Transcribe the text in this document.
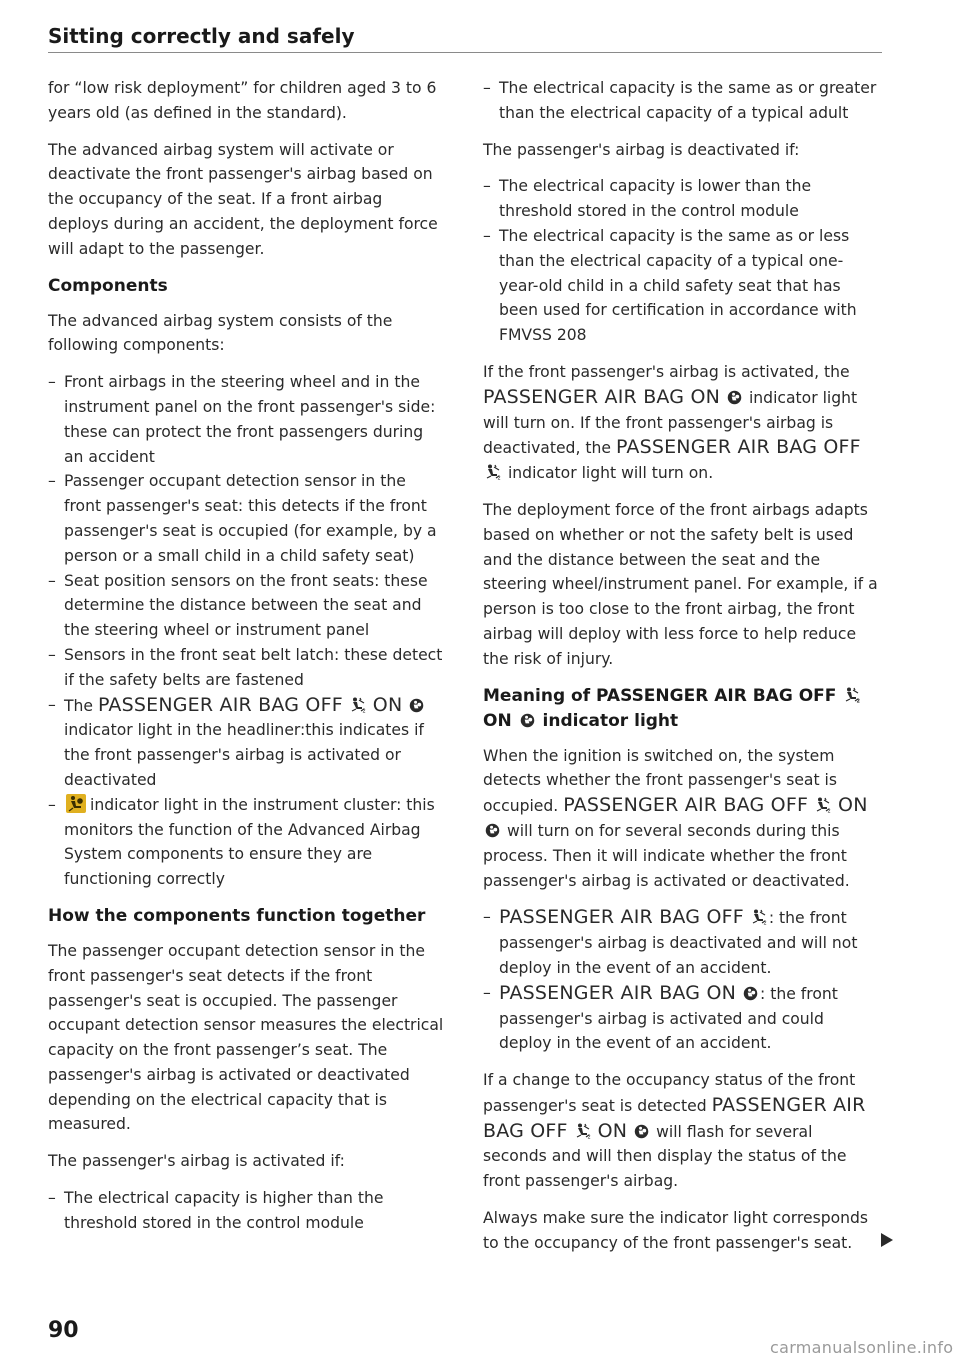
Sitting correctly and safely

for “low risk deployment” for children aged 3 to 6 years old (as defined in the standard).

The advanced airbag system will activate or deactivate the front passenger's airbag based on the occupancy of the seat. If a front airbag deploys during an accident, the deployment force will adapt to the passenger.

Components

The advanced airbag system consists of the following components:

– Front airbags in the steering wheel and in the instrument panel on the front passenger's side: these can protect the front passengers during an accident
– Passenger occupant detection sensor in the front passenger's seat: this detects if the front passenger's seat is occupied (for example, by a person or a small child in a child safety seat)
– Seat position sensors on the front seats: these determine the distance between the seat and the steering wheel or instrument panel
– Sensors in the front seat belt latch: these detect if the safety belts are fastened
– The PASSENGER AIR BAG OFF ON  indicator light in the headliner:this indicates if the front passenger's airbag is activated or deactivated
– indicator light in the instrument cluster: this monitors the function of the Advanced Airbag System components to ensure they are functioning correctly
How the components function together

The passenger occupant detection sensor in the front passenger's seat detects if the front passenger's seat is occupied. The passenger occupant detection sensor measures the electrical capacity on the front passenger’s seat. The passenger's airbag is activated or deactivated depending on the electrical capacity that is measured.

The passenger's airbag is activated if:

– The electrical capacity is higher than the threshold stored in the control module
– The electrical capacity is the same as or greater than the electrical capacity of a typical adult

The passenger's airbag is deactivated if:

– The electrical capacity is lower than the threshold stored in the control module
– The electrical capacity is the same as or less than the electrical capacity of a typical one-year-old child in a child safety seat that has been used for certification in accordance with FMVSS 208

If the front passenger's airbag is activated, the PASSENGER AIR BAG ON indicator light will turn on. If the front passenger's airbag is deactivated, the PASSENGER AIR BAG OFF  indicator light will turn on.

The deployment force of the front airbags adapts based on whether or not the safety belt is used and the distance between the seat and the steering wheel/instrument panel. For example, if a person is too close to the front airbag, the front airbag will deploy with less force to help reduce the risk of injury.

Meaning of PASSENGER AIR BAG OFF  ON indicator light

When the ignition is switched on, the system detects whether the front passenger's seat is occupied. PASSENGER AIR BAG OFF ON  will turn on for several seconds during this process. Then it will indicate whether the front passenger's airbag is activated or deactivated.

– PASSENGER AIR BAG OFF : the front passenger's airbag is deactivated and will not deploy in the event of an accident.
– PASSENGER AIR BAG ON : the front passenger's airbag is activated and could deploy in the event of an accident.

If a change to the occupancy status of the front passenger's seat is detected PASSENGER AIR BAG OFF ON will flash for several seconds and will then display the status of the front passenger's airbag.

Always make sure the indicator light corresponds to the occupancy of the front passenger's seat.

90
carmanualsonline.info
